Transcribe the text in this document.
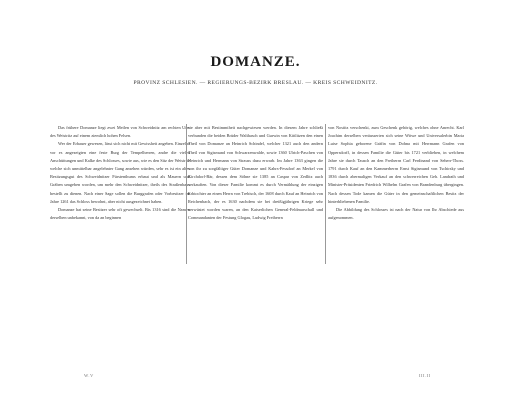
DOMANZE.
PROVINZ SCHLESIEN. — REGIERUNGS-BEZIRK BRESLAU. — KREIS SCHWEIDNITZ.

Das frühere Domanze liegt zwei Meilen von Schweidnitz am rechten Ufer des Weistritz auf einem ziemlich hohen Felsen.

Wer der Erbauer gewesen, lässt sich nicht mit Gewissheit angeben. Einzelne vor es angezeigten eine feste Burg der Tempelherren, andre die vielen Anschüttungen und Kalke des Schlosses, sowie aus, wie es den Sitz der Weistritz welche sich unmittelbar angelehnter Gang ansehen würden, sehr es ist ein altes Besitzungsgut des Schweidnitzer Fürstenthums erbaut und als Mauern und Gräben umgeben worden, um mehr den Schweidnitzer, theils des Straßenbaus bestellt zu dienen. Nach einer Sage sollen die Burggrafen oder Vorbesitzer im Jahre 1261 das Schloss bewohnt, aber nicht ausgezeichnet haben.

Domanze hat seine Besitzer sehr oft gewechselt. Bis 1316 sind die Namen derselben unbekannt, von da an beginnen

sie aber mit Bestimmtheit nachgewiesen werden. In diesem Jahre schließt verbunden die beiden Brüder Walthasch und Gurwin von Kittlitzen den einen Theil von Domanze an Heinrich Schindel, welcher 1321 auch den andern Theil von Sigismund von Schwarzenwalde, sowie 1360 Ulrich-Paschen von Heinrich und Hermann von Strauss dazu erwarb. Im Jahre 1363 gingen die von ihr zu sorgfältiger Güter Domanze und Kahrs-Fessdorf an Merkel von Kirchdorf-Bär, dessen dem Söhne sie 1385 an Caspar von Zedlitz auch verkauften. Von dieser Familie kommt es durch Vermählung der einzigen Erbtochter an einen Herrn von Trebisch, der 1608 durch Kauf an Heinrich von Reichenbach, der es 1630 nachdem sie bei dreißigjährigen Kriege sehr verwüstet worden waren, an den Kaiserlichen General-Feldmarschall und Commandanten der Festung Glogau, Ludwig Freiherrn

von Nostitz verschenkt, zum Geschenk gehörig, welches ohne Anrecht. Karl Joachim derselben veräusserten sich seine Witwe und Universalerbin Maria Luise Sophia geborene Gräfin von Dohna mit Herrmann Grafen von Oppersdorff, in dessen Familie die Güter bis 1721 verblieben, in welchem Jahre sie durch Tausch an den Freiherrn Carl Ferdinand von Seherr-Thoss. 1791 durch Kauf an den Kammerherrn Ernst Sigismund von Tschirsky und 1836 durch abermaligen Verkauf an den schwerreichen Geh. Landrath und Minister-Präsidenten Friedrich Wilhelm Grafen von Brandenburg übergingen. Nach dessen Tode kamen die Güter in den gemeinschaftlichen Besitz der hinterbliebenen Familie.

Die Abbildung des Schlosses ist nach der Natur von Ihr Abschiede aus aufgenommen.

W.V	III.II
